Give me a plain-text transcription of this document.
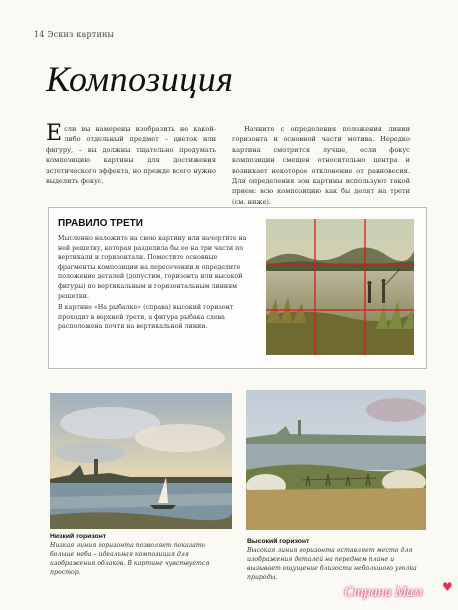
14 Эскиз картины
Композиция
Если вы намерены изобразить не какой-либо отдельный предмет – цветок или фигуру, – вы должны тщательно продумать композицию картины для достижения эстетического эффекта, но прежде всего нужно выделить фокус.

Начните с определения положения линии горизонта и основной части мотива. Нередко картина смотрится лучше, если фокус композиции смещен относительно центра и возникает некоторое отклонение от равновесия. Для определения зон картины используют такой прием: всю композицию как бы делят на трети (см. ниже).

ПРАВИЛО ТРЕТИ

Мысленно наложите на свою картину или начертите на ней решетку, которая разделила бы ее на три части по вертикали и горизонтали. Поместите основные фрагменты композиции на пересечении и определите положение деталей (допустим, горизонта или высокой фигуры) по вертикальным и горизонтальным линиям решетки.

В картине «На рыбалке» (справа) высокий горизонт проходит в верхней трети, а фигура рыбака слева расположена почти на вертикальной линии.

Низкий горизонт
Низкая линия горизонта позволяет показать больше неба – идеальная композиция для изображения облаков. В картине чувствуется простор.
Высокий горизонт
Высокая линия горизонта оставляет место для изображения деталей на переднем плане и вызывает ощущение близости небольшого уголка природы.
Страна Мам ♥
